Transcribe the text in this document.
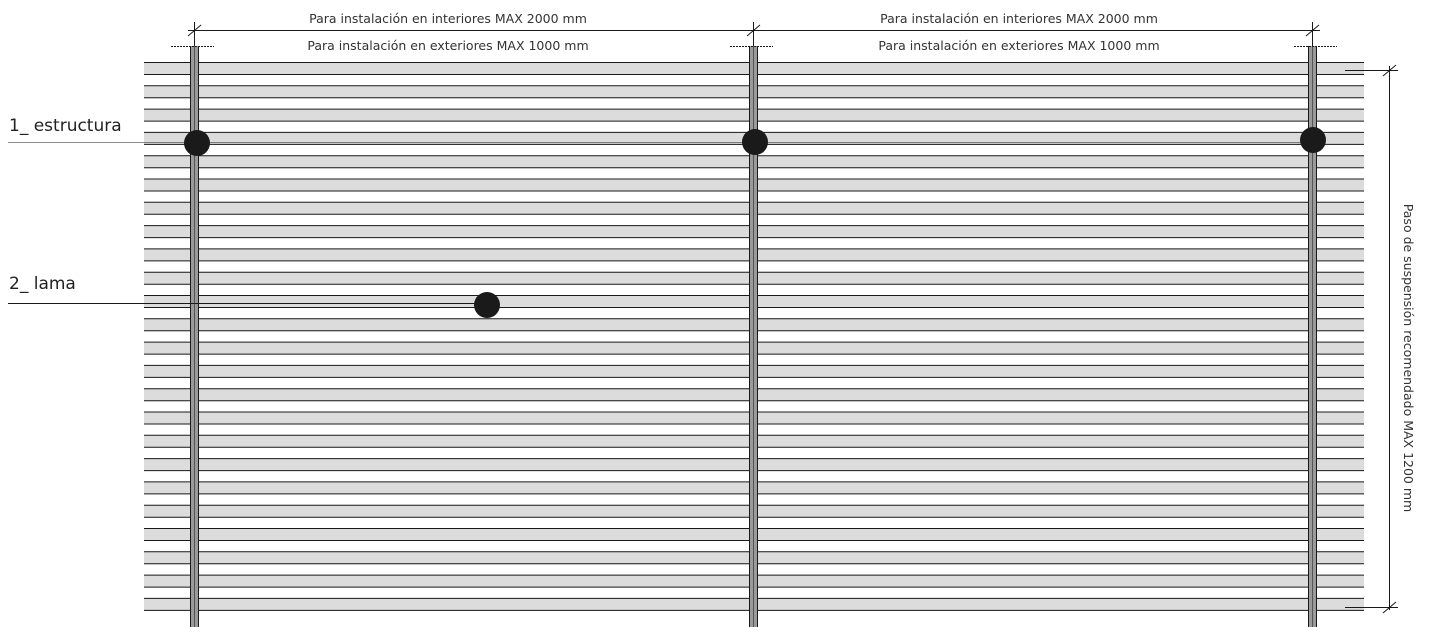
Para instalación en interiores MAX 2000 mm
Para instalación en exteriores MAX 1000 mm
Para instalación en interiores MAX 2000 mm
Para instalación en exteriores MAX 1000 mm
Paso de suspensión recomendado MAX 1200 mm
1_ estructura
2_ lama
